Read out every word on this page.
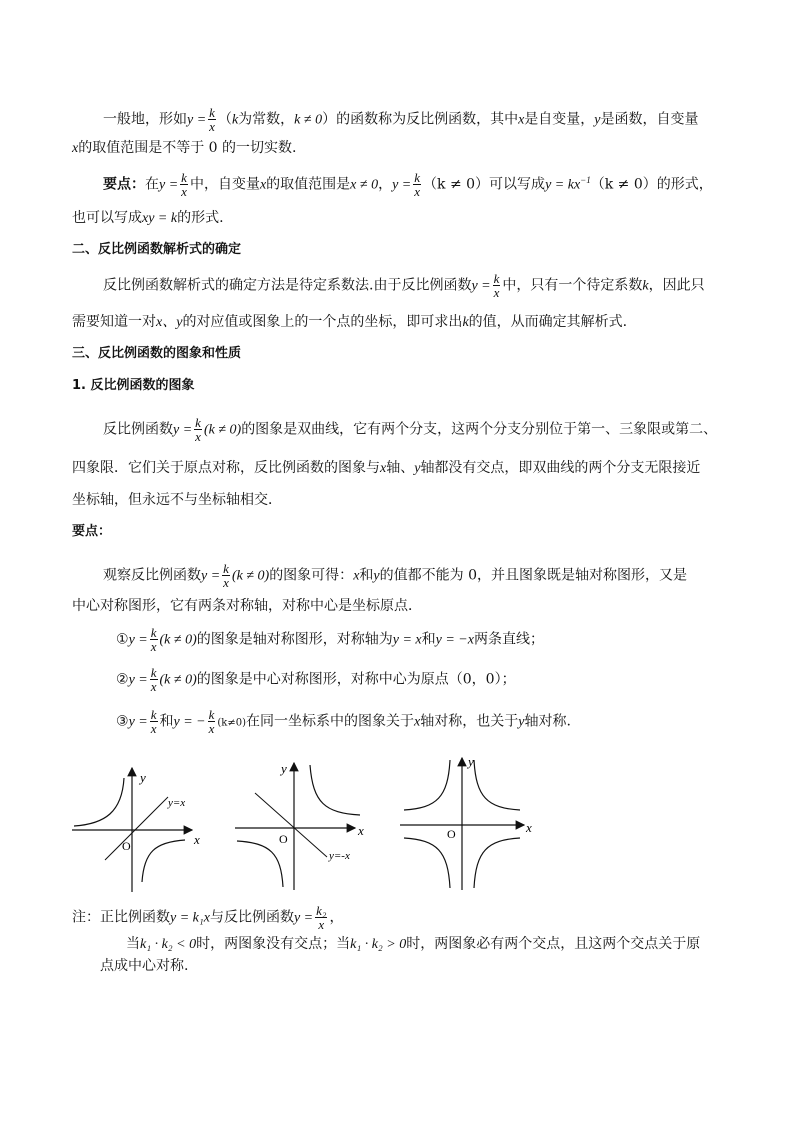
一般地，形如$y = \frac{k}{x} (k$为常数，k ≠ 0）的函数称为反比例函数，其中x是自变量，y是函数，自变量
x的取值范围是不等于 0 的一切实数.
要点：在$y = \frac{k}{x}$ 中，自变量x的取值范围是x ≠ 0，$y = \frac{k}{x} (k \ne 0)$可以写成$y = kx^{-1}(k \ne 0)$的形式，
也可以写成xy = k的形式.
二、反比例函数解析式的确定
反比例函数解析式的确定方法是待定系数法.由于反比例函数$y = \frac{k}{x}$ 中，只有一个待定系数k，因此只
需要知道一对x、y的对应值或图象上的一个点的坐标，即可求出k的值，从而确定其解析式.
三、反比例函数的图象和性质
1. 反比例函数的图象
反比例函数$y = \frac{k}{x} (k \ne 0)$的图象是双曲线，它有两个分支，这两个分支分别位于第一、三象限或第二、
四象限．它们关于原点对称，反比例函数的图象与x轴、y轴都没有交点，即双曲线的两个分支无限接近
坐标轴，但永远不与坐标轴相交．
要点：
观察反比例函数$y = \frac{k}{x} (k \ne 0)$的图象可得：x和y的值都不能为 0，并且图象既是轴对称图形，又是
中心对称图形，它有两条对称轴，对称中心是坐标原点．
①y = $\frac{k}{x} (k \ne 0)$的图象是轴对称图形，对称轴为y = x和y = −x两条直线；
②y = $\frac{k}{x} (k \ne 0)$的图象是中心对称图形，对称中心为原点（0，0）；
③y = $\frac{k}{x}$ 和y = − $\frac{k}{x} (k\ne 0)$在同一坐标系中的图象关于x轴对称，也关于y轴对称.
x
y
O
y=x
x
y
O
y=-x
x
y
O
注：正比例函数y = k₁x与反比例函数$y = \frac{\text{k₂}}{x}$ ，
当k₁ · k₂ < 0时，两图象没有交点；当k₁ · k₂ > 0时，两图象必有两个交点，且这两个交点关于原
点成中心对称.
